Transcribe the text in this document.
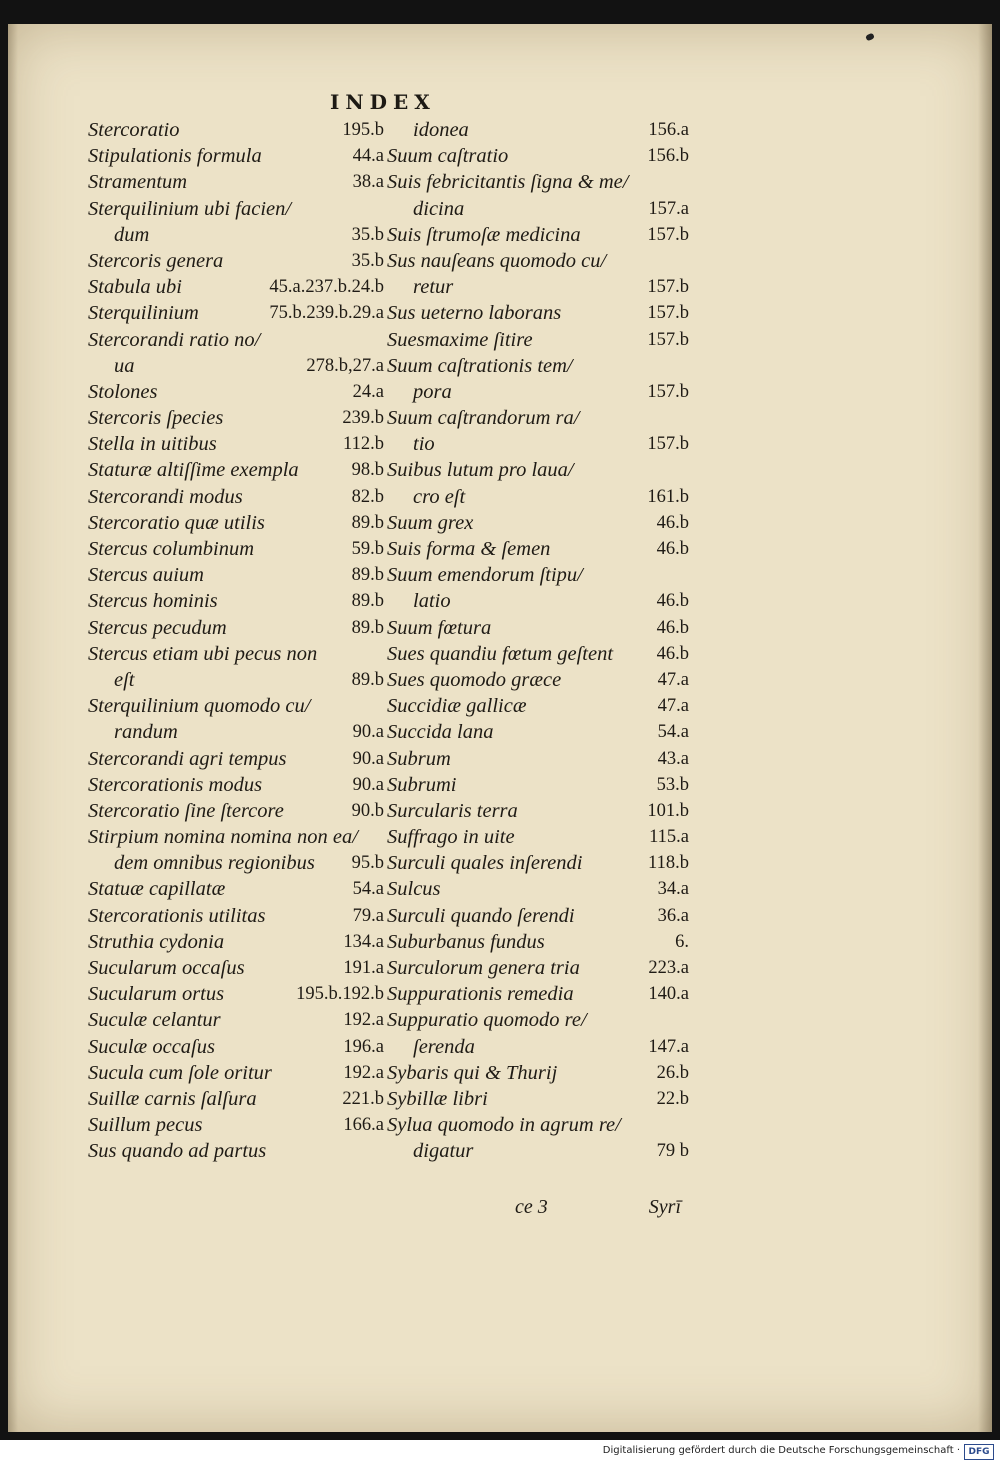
INDEX
Stercoratio	195.b
Stipulationis formula	44.a
Stramentum	38.a
Sterquilinium ubi facien/
dum	35.b
Stercoris genera	35.b
Stabula ubi	45.a.237.b.24.b
Sterquilinium	75.b.239.b.29.a
Stercorandi ratio no/
ua	278.b,27.a
Stolones	24.a
Stercoris ſpecies	239.b
Stella in uitibus	112.b
Staturæ altiſſime exempla	98.b
Stercorandi modus	82.b
Stercoratio quæ utilis	89.b
Stercus columbinum	59.b
Stercus auium	89.b
Stercus hominis	89.b
Stercus pecudum	89.b
Stercus etiam ubi pecus non
eſt	89.b
Sterquilinium quomodo cu/
randum	90.a
Stercorandi agri tempus	90.a
Stercorationis modus	90.a
Stercoratio ſine ſtercore	90.b
Stirpium nomina nomina non ea/
dem omnibus regionibus 95.b
Statuæ capillatæ	54.a
Stercorationis utilitas	79.a
Struthia cydonia	134.a
Sucularum occaſus	191.a
Sucularum ortus	195.b.192.b
Suculæ celantur	192.a
Suculæ occaſus	196.a
Sucula cum ſole oritur	192.a
Suillæ carnis ſalſura	221.b
Suillum pecus	166.a
Sus quando ad partus
idonea	156.a
Suum caſtratio	156.b
Suis febricitantis ſigna & me/
dicina	157.a
Suis ſtrumoſæ medicina	157.b
Sus nauſeans quomodo cu/
retur	157.b
Sus ueterno laborans	157.b
Suesmaxime ſitire	157.b
Suum caſtrationis tem/
pora	157.b
Suum caſtrandorum ra/
tio	157.b
Suibus lutum pro laua/
cro eſt	161.b
Suum grex	46.b
Suis forma & ſemen	46.b
Suum emendorum ſtipu/
latio	46.b
Suum fœtura	46.b
Sues quandiu fœtum geſtent 46.b
Sues quomodo græce	47.a
Succidiæ gallicæ	47.a
Succida lana	54.a
Subrum	43.a
Subrumi	53.b
Surcularis terra	101.b
Suffrago in uite	115.a
Surculi quales inſerendi	118.b
Sulcus	34.a
Surculi quando ſerendi	36.a
Suburbanus fundus	6.
Surculorum genera tria	223.a
Suppurationis remedia	140.a
Suppuratio quomodo re/
ſerenda	147.a
Sybaris qui & Thurij	26.b
Sybillæ libri	22.b
Sylua quomodo in agrum re/
digatur	79 b
ce 3	Syrī
Digitalisierung gefördert durch die Deutsche Forschungsgemeinschaft · DFG
